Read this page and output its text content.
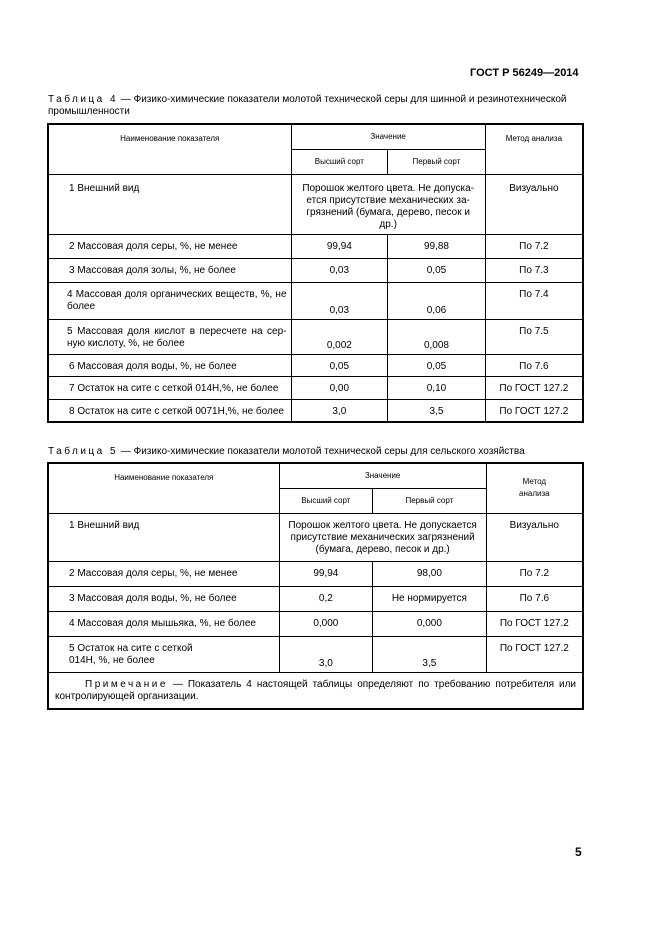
ГОСТ Р 56249—2014
Таблица 4 — Физико-химические показатели молотой технической серы для шинной и резинотехнической промышленности
Наименование показателя	Значение		Метод анализа
	Высший сорт	Первый сорт	
1 Внешний вид	Порошок желтого цвета. Не допуска-ется присутствие механических за-грязнений (бумага, дерево, песок и др.)		Визуально
2 Массовая доля серы, %, не менее	99,94	99,88	По 7.2
3 Массовая доля золы, %, не более	0,03	0,05	По 7.3
4 Массовая доля органических веществ, %, не более	0,03	0,06	По 7.4
5 Массовая доля кислот в пересчете на сер-ную кислоту, %, не более	0,002	0,008	По 7.5
6 Массовая доля воды, %, не более	0,05	0,05	По 7.6
7 Остаток на сите с сеткой 014Н,%, не более	0,00	0,10	По ГОСТ 127.2
8 Остаток на сите с сеткой 0071Н,%, не более	3,0	3,5	По ГОСТ 127.2
Таблица 5 — Физико-химические показатели молотой технической серы для сельского хозяйства
Наименование показателя	Значение		Метод анализа
	Высший сорт	Первый сорт	
1 Внешний вид	Порошок желтого цвета. Не допускается присутствие механических загрязнений (бумага, дерево, песок и др.)		Визуально
2 Массовая доля серы, %, не менее	99,94	98,00	По 7.2
3 Массовая доля воды, %, не более	0,2	Не нормируется	По 7.6
4 Массовая доля мышьяка, %, не более	0,000	0,000	По ГОСТ 127.2
5 Остаток на сите с сеткой 014Н, %, не более	3,0	3,5	По ГОСТ 127.2
Примечание — Показатель 4 настоящей таблицы определяют по требованию потребителя или контролирующей организации.			
5
